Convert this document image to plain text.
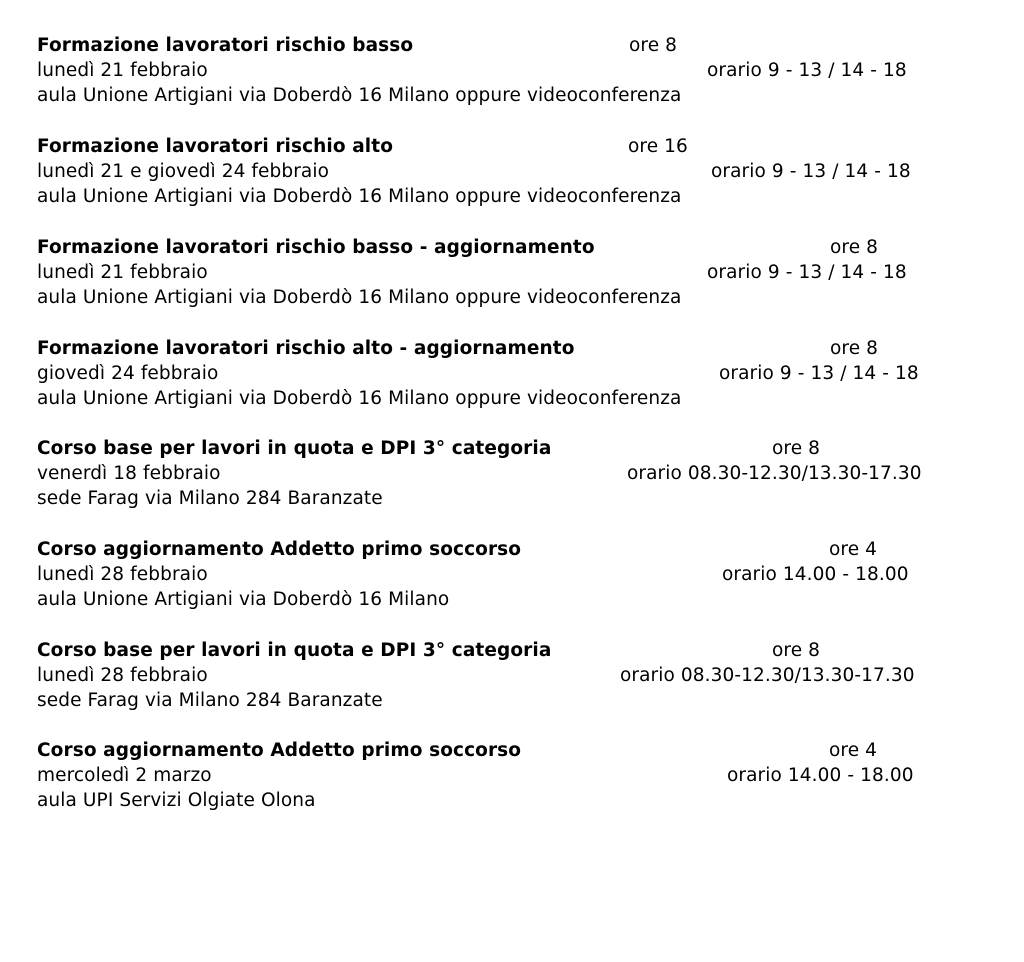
Formazione lavoratori rischio basso	ore 8
lunedì 21 febbraio	orario 9 - 13 / 14 - 18
aula Unione Artigiani via Doberdò 16 Milano oppure videoconferenza
Formazione lavoratori rischio alto	ore 16
lunedì 21 e giovedì 24 febbraio	orario 9 - 13 / 14 - 18
aula Unione Artigiani via Doberdò 16 Milano oppure videoconferenza
Formazione lavoratori rischio basso - aggiornamento	ore 8
lunedì 21 febbraio	orario 9 - 13 / 14 - 18
aula Unione Artigiani via Doberdò 16 Milano oppure videoconferenza
Formazione lavoratori rischio alto - aggiornamento	ore 8
giovedì 24 febbraio	orario 9 - 13 / 14 - 18
aula Unione Artigiani via Doberdò 16 Milano oppure videoconferenza
Corso base per lavori in quota e DPI 3° categoria	ore 8
venerdì 18 febbraio	orario 08.30-12.30/13.30-17.30
sede Farag via Milano 284 Baranzate
Corso aggiornamento Addetto primo soccorso	ore 4
lunedì 28 febbraio	orario 14.00 - 18.00
aula Unione Artigiani via Doberdò 16 Milano
Corso base per lavori in quota e DPI 3° categoria	ore 8
lunedì 28 febbraio	orario 08.30-12.30/13.30-17.30
sede Farag via Milano 284 Baranzate
Corso aggiornamento Addetto primo soccorso	ore 4
mercoledì 2 marzo	orario 14.00 - 18.00
aula UPI Servizi Olgiate Olona
